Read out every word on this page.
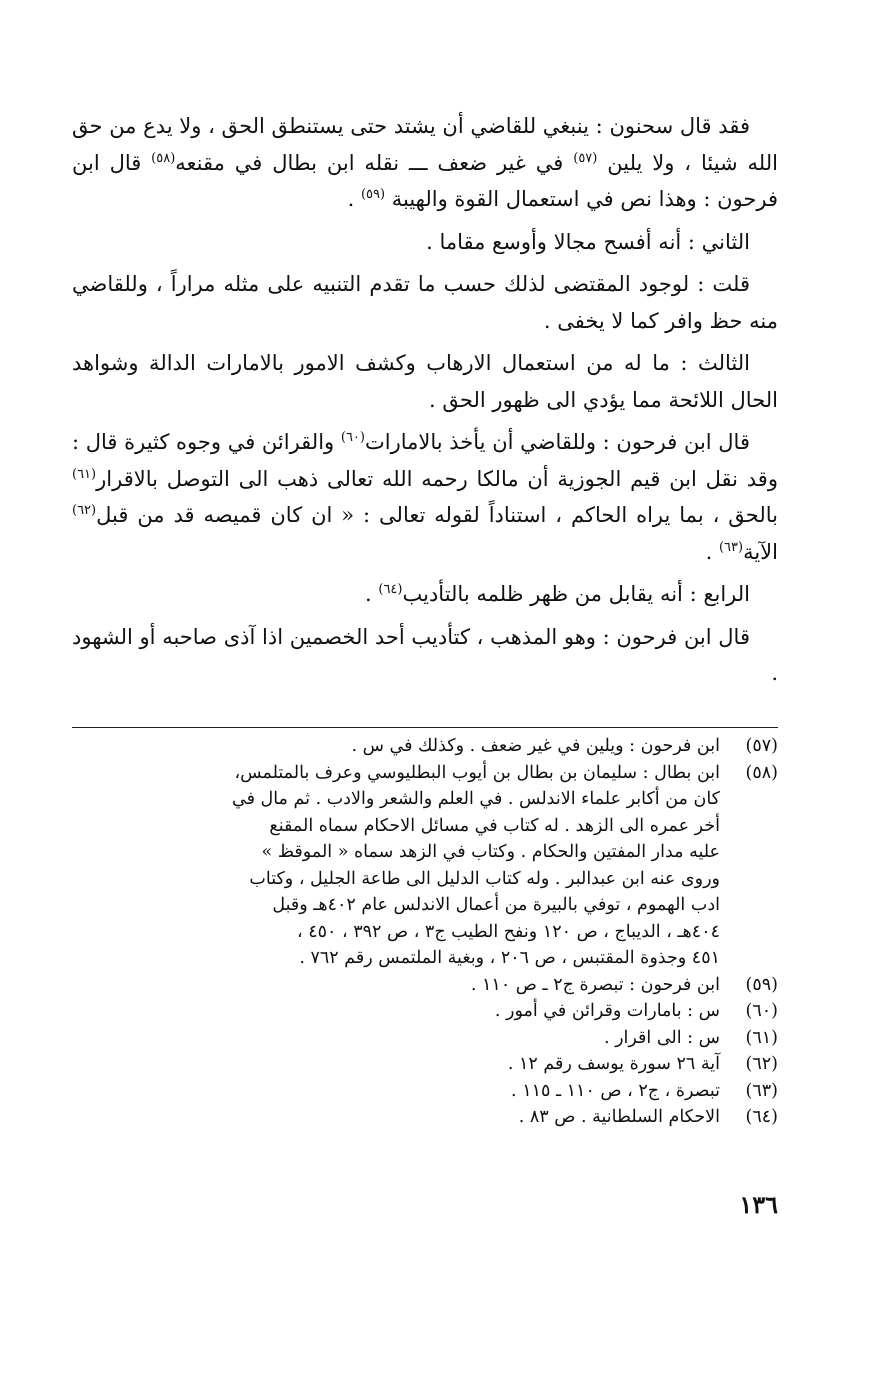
فقد قال سحنون : ينبغي للقاضي أن يشتد حتى يستنطق الحق ، ولا يدع من حق الله شيئا ، ولا يلين $^{(٥٧)}$ في غير ضعف ـــ نقله ابن بطال في مقنعه$^{(٥٨)}$ قال ابن فرحون : وهذا نص في استعمال القوة والهيبة $^{(٥٩)}$ .

الثاني : أنه أفسح مجالا وأوسع مقاما .

قلت : لوجود المقتضى لذلك حسب ما تقدم التنبيه على مثله مراراً ، وللقاضي منه حظ وافر كما لا يخفى .

الثالث : ما له من استعمال الارهاب وكشف الامور بالامارات الدالة وشواهد الحال اللائحة مما يؤدي الى ظهور الحق .

قال ابن فرحون : وللقاضي أن يأخذ بالامارات$^{(٦٠)}$ والقرائن في وجوه كثيرة قال : وقد نقل ابن قيم الجوزية أن مالكا رحمه الله تعالى ذهب الى التوصل بالاقرار$^{(٦١)}$ بالحق ، بما يراه الحاكم ، استناداً لقوله تعالى : « ان كان قميصه قد من قبل$^{(٦٢)}$ الآية$^{(٦٣)}$ .

الرابع : أنه يقابل من ظهر ظلمه بالتأديب$^{(٦٤)}$ .

قال ابن فرحون : وهو المذهب ، كتأديب أحد الخصمين اذا آذى صاحبه أو الشهود .

(٥٧)
ابن فرحون : ويلين في غير ضعف . وكذلك في س .
(٥٨)
ابن بطال : سليمان بن بطال بن أيوب البطليوسي وعرف بالمتلمس،
كان من أكابر علماء الاندلس . في العلم والشعر والادب . ثم مال في
أخر عمره الى الزهد . له كتاب في مسائل الاحكام سماه المقنع
عليه مدار المفتين والحكام . وكتاب في الزهد سماه « الموقظ »
وروى عنه ابن عبدالبر . وله كتاب الدليل الى طاعة الجليل ، وكتاب
ادب الهموم ، توفي بالبيرة من أعمال الاندلس عام ٤٠٢هـ وقبل
٤٠٤هـ ، الديباج ، ص ١٢٠ ونفح الطيب ج٣ ، ص ٣٩٢ ، ٤٥٠ ،
٤٥١ وجذوة المقتبس ، ص ٢٠٦ ، وبغية الملتمس رقم ٧٦٢ .
(٥٩)
ابن فرحون : تبصرة ج٢ ـ ص ١١٠ .
(٦٠)
س : بامارات وقرائن في أمور .
(٦١)
س : الى اقرار .
(٦٢)
آية ٢٦ سورة يوسف رقم ١٢ .
(٦٣)
تبصرة ، ج٢ ، ص ١١٠ ـ ١١٥ .
(٦٤)
الاحكام السلطانية . ص ٨٣ .
١٣٦
